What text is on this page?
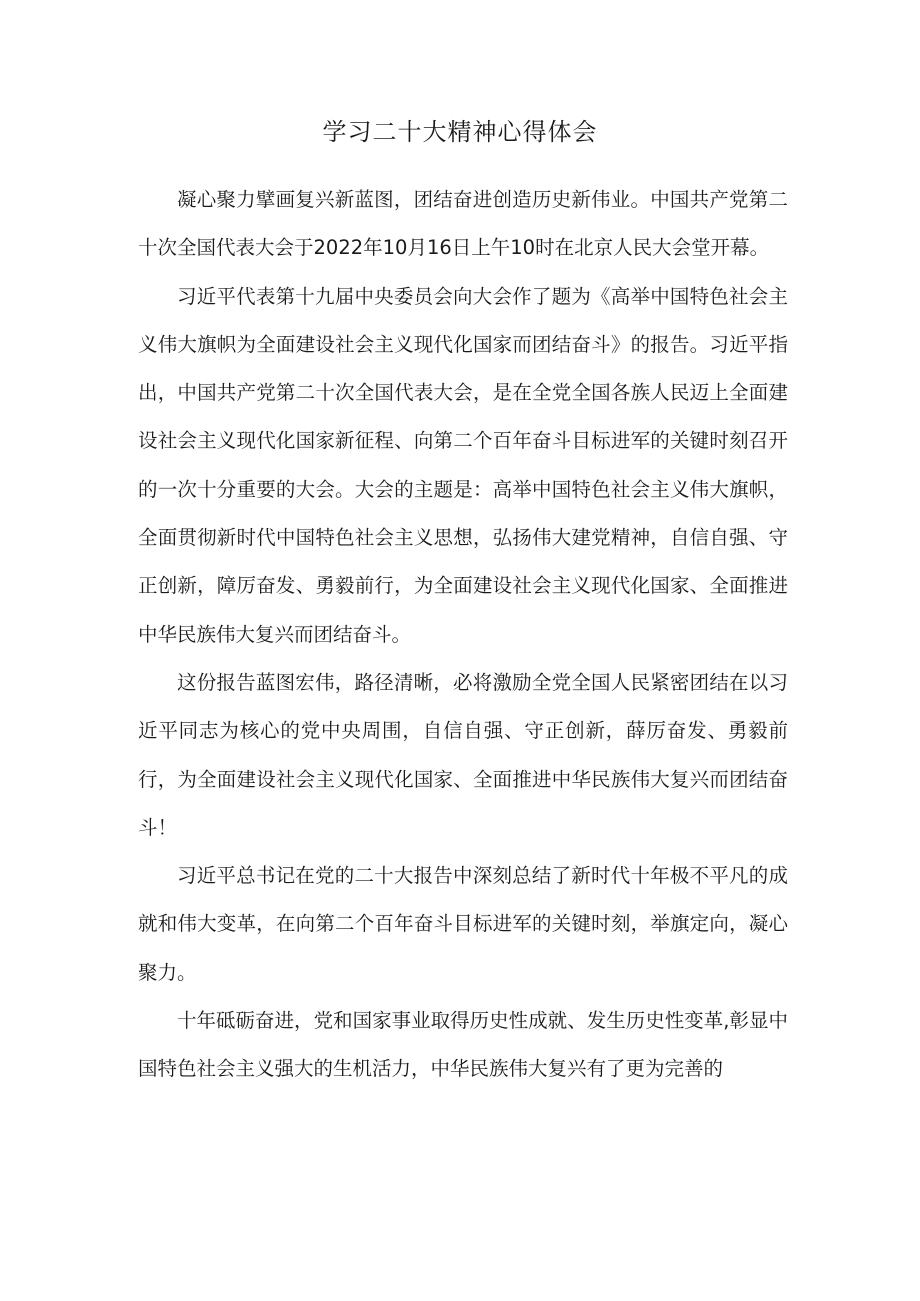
学习二十大精神心得体会

凝心聚力擘画复兴新蓝图，团结奋进创造历史新伟业。中国共产党第二十次全国代表大会于2022年10月16日上午10时在北京人民大会堂开幕。

习近平代表第十九届中央委员会向大会作了题为《高举中国特色社会主义伟大旗帜为全面建设社会主义现代化国家而团结奋斗》的报告。习近平指出，中国共产党第二十次全国代表大会，是在全党全国各族人民迈上全面建设社会主义现代化国家新征程、向第二个百年奋斗目标进军的关键时刻召开的一次十分重要的大会。大会的主题是：高举中国特色社会主义伟大旗帜，全面贯彻新时代中国特色社会主义思想，弘扬伟大建党精神，自信自强、守正创新，障厉奋发、勇毅前行，为全面建设社会主义现代化国家、全面推进中华民族伟大复兴而团结奋斗。

这份报告蓝图宏伟，路径清晰，必将激励全党全国人民紧密团结在以习近平同志为核心的党中央周围，自信自强、守正创新，薛厉奋发、勇毅前行，为全面建设社会主义现代化国家、全面推进中华民族伟大复兴而团结奋斗！

习近平总书记在党的二十大报告中深刻总结了新时代十年极不平凡的成就和伟大变革，在向第二个百年奋斗目标进军的关键时刻，举旗定向，凝心聚力。

十年砥砺奋进，党和国家事业取得历史性成就、发生历史性变革,彰显中国特色社会主义强大的生机活力，中华民族伟大复兴有了更为完善的
